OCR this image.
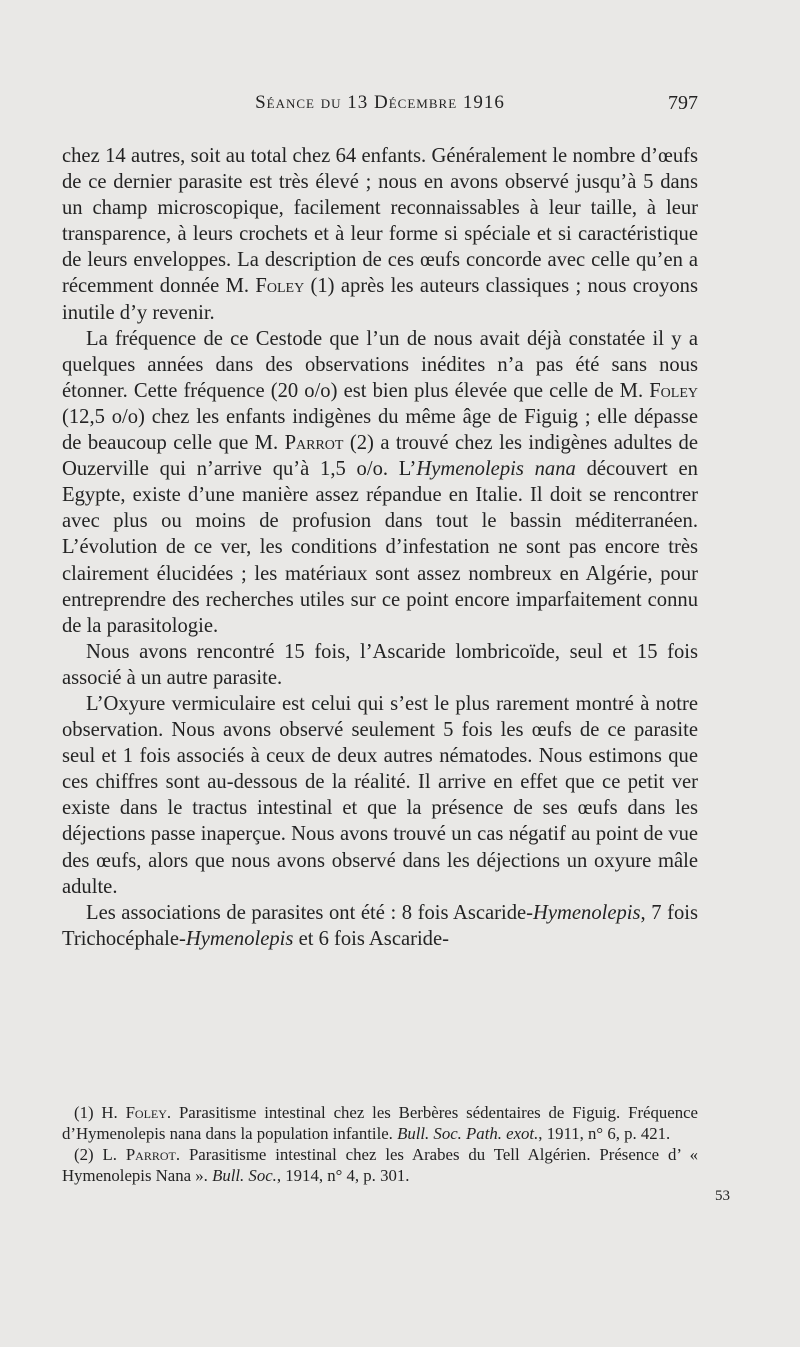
Séance du 13 Décembre 1916	797

chez 14 autres, soit au total chez 64 enfants. Généralement le nombre d’œufs de ce dernier parasite est très élevé ; nous en avons observé jusqu’à 5 dans un champ microscopique, facilement reconnaissables à leur taille, à leur transparence, à leurs crochets et à leur forme si spéciale et si caractéristique de leurs enveloppes. La description de ces œufs concorde avec celle qu’en a récemment donnée M. Foley (1) après les auteurs classiques ; nous croyons inutile d’y revenir.

La fréquence de ce Cestode que l’un de nous avait déjà constatée il y a quelques années dans des observations inédites n’a pas été sans nous étonner. Cette fréquence (20 o/o) est bien plus élevée que celle de M. Foley (12,5 o/o) chez les enfants indigènes du même âge de Figuig ; elle dépasse de beaucoup celle que M. Parrot (2) a trouvé chez les indigènes adultes de Ouzerville qui n’arrive qu’à 1,5 o/o. L’Hymenolepis nana découvert en Egypte, existe d’une manière assez répandue en Italie. Il doit se rencontrer avec plus ou moins de profusion dans tout le bassin méditerranéen. L’évolution de ce ver, les conditions d’infestation ne sont pas encore très clairement élucidées ; les matériaux sont assez nombreux en Algérie, pour entreprendre des recherches utiles sur ce point encore imparfaitement connu de la parasitologie.

Nous avons rencontré 15 fois, l’Ascaride lombricoïde, seul et 15 fois associé à un autre parasite.

L’Oxyure vermiculaire est celui qui s’est le plus rarement montré à notre observation. Nous avons observé seulement 5 fois les œufs de ce parasite seul et 1 fois associés à ceux de deux autres nématodes. Nous estimons que ces chiffres sont au-dessous de la réalité. Il arrive en effet que ce petit ver existe dans le tractus intestinal et que la présence de ses œufs dans les déjections passe inaperçue. Nous avons trouvé un cas négatif au point de vue des œufs, alors que nous avons observé dans les déjections un oxyure mâle adulte.

Les associations de parasites ont été : 8 fois Ascaride-Hymenolepis, 7 fois Trichocéphale-Hymenolepis et 6 fois Ascaride-

(1) H. Foley. Parasitisme intestinal chez les Berbères sédentaires de Figuig. Fréquence d’Hymenolepis nana dans la population infantile. Bull. Soc. Path. exot., 1911, n° 6, p. 421.

(2) L. Parrot. Parasitisme intestinal chez les Arabes du Tell Algérien. Présence d’ « Hymenolepis Nana ». Bull. Soc., 1914, n° 4, p. 301.

53
